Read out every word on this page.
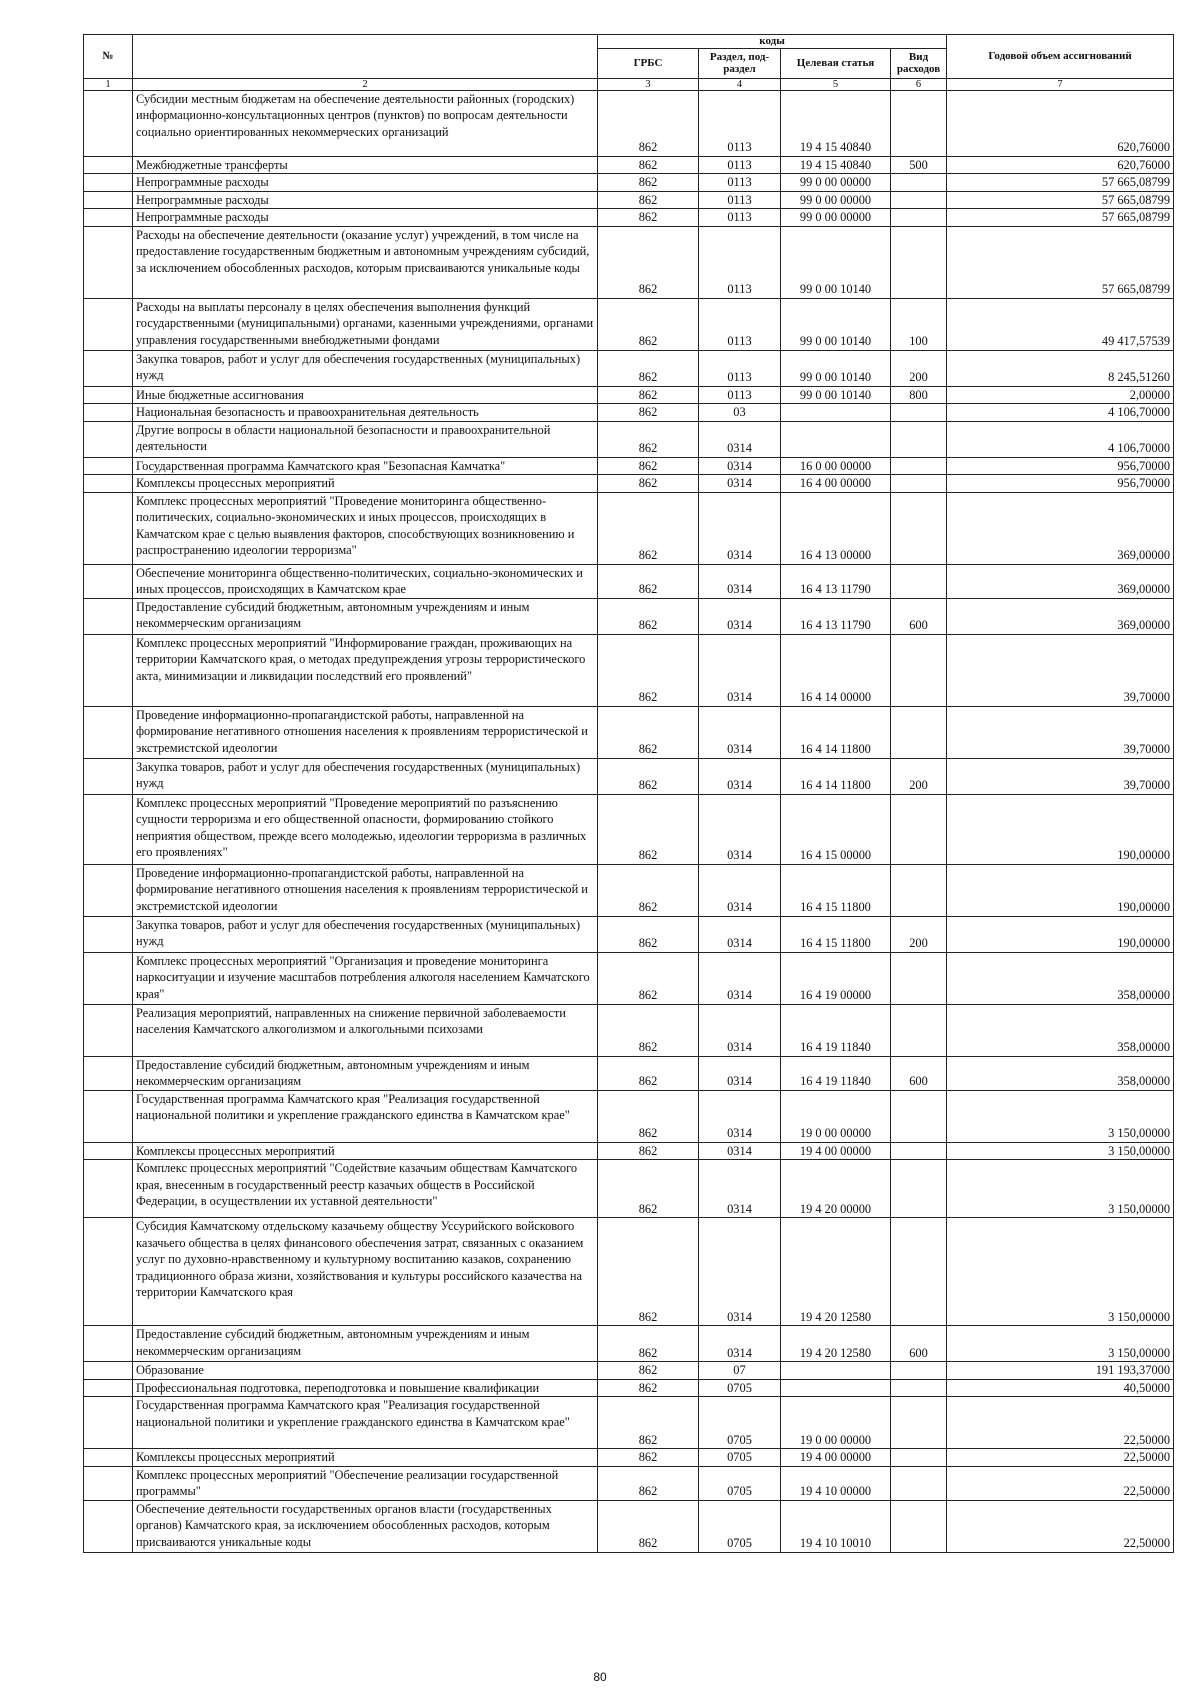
№		коды				Годовой объем ассигнований
		ГРБС	Раздел, под-раздел	Целевая статья	Вид расходов	

1	2	3	4	5	6	7
	Субсидии местным бюджетам на обеспечение деятельности районных (городских) информационно-консультационных центров (пунктов) по вопросам деятельности социально ориентированных некоммерческих организаций	862	0113	19 4 15 40840		620,76000
	Межбюджетные трансферты	862	0113	19 4 15 40840	500	620,76000
	Непрограммные расходы	862	0113	99 0 00 00000		57 665,08799
	Непрограммные расходы	862	0113	99 0 00 00000		57 665,08799
	Непрограммные расходы	862	0113	99 0 00 00000		57 665,08799
	Расходы на обеспечение деятельности (оказание услуг) учреждений, в том числе на предоставление государственным бюджетным и автономным учреждениям субсидий, за исключением обособленных расходов, которым присваиваются уникальные коды	862	0113	99 0 00 10140		57 665,08799
	Расходы на выплаты персоналу в целях обеспечения выполнения функций государственными (муниципальными) органами, казенными учреждениями, органами управления государственными внебюджетными фондами	862	0113	99 0 00 10140	100	49 417,57539
	Закупка товаров, работ и услуг для обеспечения государственных (муниципальных) нужд	862	0113	99 0 00 10140	200	8 245,51260
	Иные бюджетные ассигнования	862	0113	99 0 00 10140	800	2,00000
	Национальная безопасность и правоохранительная деятельность	862	03			4 106,70000
	Другие вопросы в области национальной безопасности и правоохранительной деятельности	862	0314			4 106,70000
	Государственная программа Камчатского края "Безопасная Камчатка"	862	0314	16 0 00 00000		956,70000
	Комплексы процессных мероприятий	862	0314	16 4 00 00000		956,70000
	Комплекс процессных мероприятий "Проведение мониторинга общественно-политических, социально-экономических и иных процессов, происходящих в Камчатском крае с целью выявления факторов, способствующих возникновению и распространению идеологии терроризма"	862	0314	16 4 13 00000		369,00000
	Обеспечение мониторинга общественно-политических, социально-экономических и иных процессов, происходящих в Камчатском крае	862	0314	16 4 13 11790		369,00000
	Предоставление субсидий бюджетным, автономным учреждениям и иным некоммерческим организациям	862	0314	16 4 13 11790	600	369,00000
	Комплекс процессных мероприятий "Информирование граждан, проживающих на территории Камчатского края, о методах предупреждения угрозы террористического акта, минимизации и ликвидации последствий его проявлений"	862	0314	16 4 14 00000		39,70000
	Проведение информационно-пропагандистской работы, направленной на формирование негативного отношения населения к проявлениям террористической и экстремистской идеологии	862	0314	16 4 14 11800		39,70000
	Закупка товаров, работ и услуг для обеспечения государственных (муниципальных) нужд	862	0314	16 4 14 11800	200	39,70000
	Комплекс процессных мероприятий "Проведение мероприятий по разъяснению сущности терроризма и его общественной опасности, формированию стойкого неприятия обществом, прежде всего молодежью, идеологии терроризма в различных его проявлениях"	862	0314	16 4 15 00000		190,00000
	Проведение информационно-пропагандистской работы, направленной на формирование негативного отношения населения к проявлениям террористической и экстремистской идеологии	862	0314	16 4 15 11800		190,00000
	Закупка товаров, работ и услуг для обеспечения государственных (муниципальных) нужд	862	0314	16 4 15 11800	200	190,00000
	Комплекс процессных мероприятий "Организация и проведение мониторинга наркоситуации и изучение масштабов потребления алкоголя населением Камчатского края"	862	0314	16 4 19 00000		358,00000
	Реализация мероприятий, направленных на снижение первичной заболеваемости населения Камчатского алкоголизмом и алкогольными психозами	862	0314	16 4 19 11840		358,00000
	Предоставление субсидий бюджетным, автономным учреждениям и иным некоммерческим организациям	862	0314	16 4 19 11840	600	358,00000
	Государственная программа Камчатского края "Реализация государственной национальной политики и укрепление гражданского единства в Камчатском крае"	862	0314	19 0 00 00000		3 150,00000
	Комплексы процессных мероприятий	862	0314	19 4 00 00000		3 150,00000
	Комплекс процессных мероприятий "Содействие казачьим обществам Камчатского края, внесенным в государственный реестр казачьих обществ в Российской Федерации, в осуществлении их уставной деятельности"	862	0314	19 4 20 00000		3 150,00000
	Субсидия Камчатскому отдельскому казачьему обществу Уссурийского войскового казачьего общества в целях финансового обеспечения затрат, связанных с оказанием услуг по духовно-нравственному и культурному воспитанию казаков, сохранению традиционного образа жизни, хозяйствования и культуры российского казачества на территории Камчатского края	862	0314	19 4 20 12580		3 150,00000
	Предоставление субсидий бюджетным, автономным учреждениям и иным некоммерческим организациям	862	0314	19 4 20 12580	600	3 150,00000
	Образование	862	07			191 193,37000
	Профессиональная подготовка, переподготовка и повышение квалификации	862	0705			40,50000
	Государственная программа Камчатского края "Реализация государственной национальной политики и укрепление гражданского единства в Камчатском крае"	862	0705	19 0 00 00000		22,50000
	Комплексы процессных мероприятий	862	0705	19 4 00 00000		22,50000
	Комплекс процессных мероприятий "Обеспечение реализации государственной программы"	862	0705	19 4 10 00000		22,50000
	Обеспечение деятельности государственных органов власти (государственных органов) Камчатского края, за исключением обособленных расходов, которым присваиваются уникальные коды	862	0705	19 4 10 10010		22,50000
80
